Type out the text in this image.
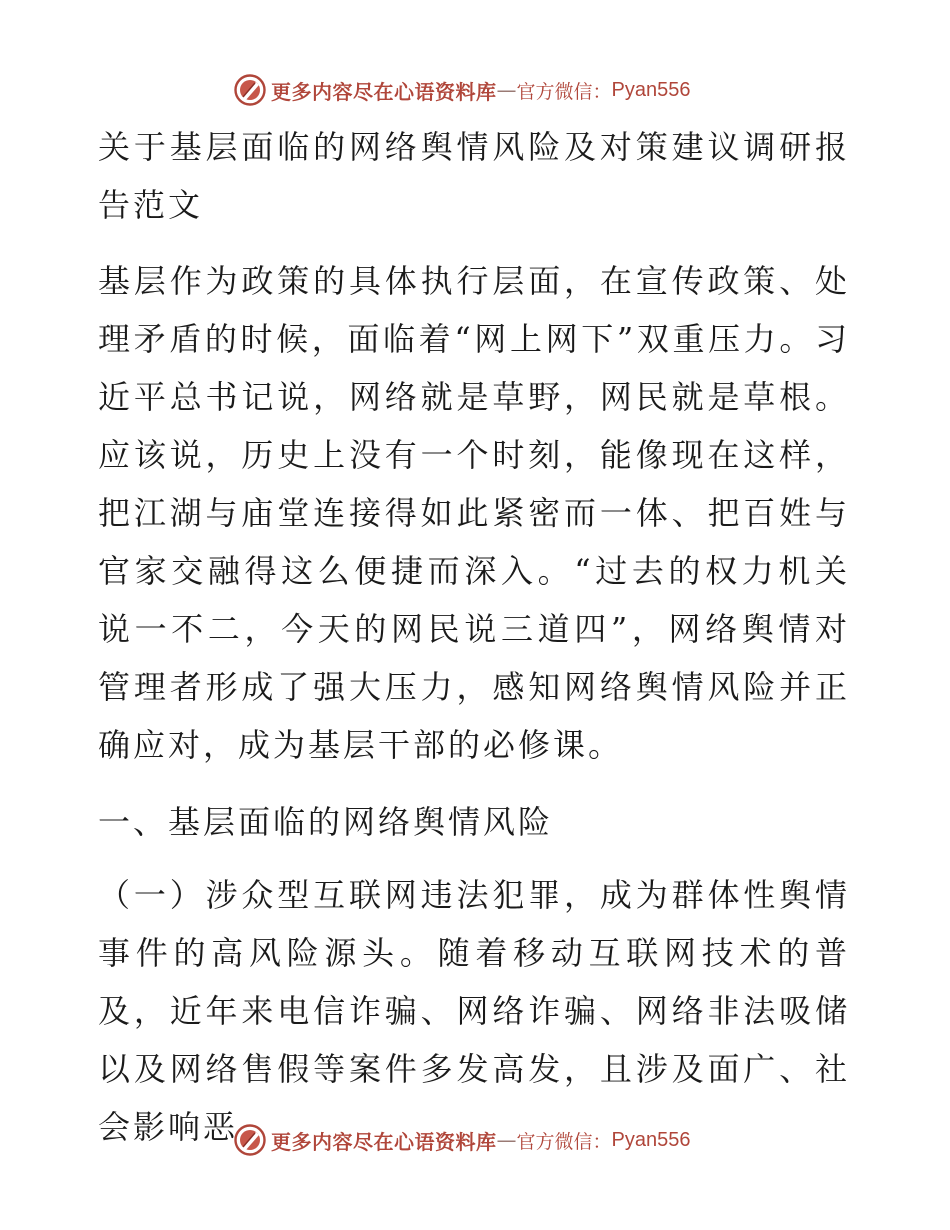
更多内容尽在心语资料库 — 官方微信： Pyan556

关于基层面临的网络舆情风险及对策建议调研报告范文

基层作为政策的具体执行层面，在宣传政策、处理矛盾的时候，面临着“网上网下”双重压力。习近平总书记说，网络就是草野，网民就是草根。应该说，历史上没有一个时刻，能像现在这样，把江湖与庙堂连接得如此紧密而一体、把百姓与官家交融得这么便捷而深入。“过去的权力机关说一不二，今天的网民说三道四”，网络舆情对管理者形成了强大压力，感知网络舆情风险并正确应对，成为基层干部的必修课。

一、基层面临的网络舆情风险

（一）涉众型互联网违法犯罪，成为群体性舆情事件的高风险源头。随着移动互联网技术的普及，近年来电信诈骗、网络诈骗、网络非法吸储以及网络售假等案件多发高发，且涉及面广、社会影响恶	更多内容尽在心语资料库 — 官方微信： Pyan556
